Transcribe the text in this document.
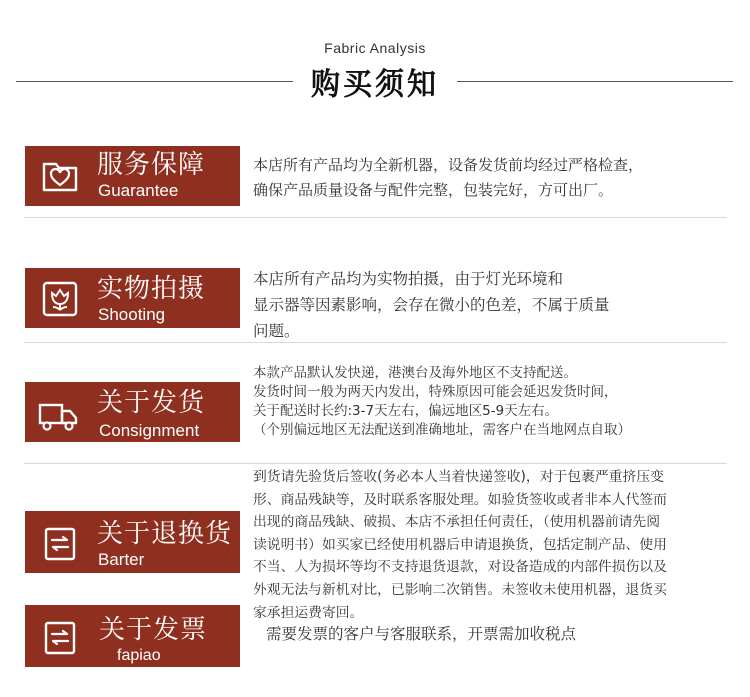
Fabric Analysis
购买须知
服务保障
Guarantee
本店所有产品均为全新机器，设备发货前均经过严格检查，
确保产品质量设备与配件完整，包装完好，方可出厂。
实物拍摄
Shooting
本店所有产品均为实物拍摄，由于灯光环境和
显示器等因素影响，会存在微小的色差，不属于质量
问题。
关于发货
Consignment
本款产品默认发快递，港澳台及海外地区不支持配送。
发货时间一般为两天内发出，特殊原因可能会延迟发货时间，
关于配送时长约:3-7天左右，偏远地区5-9天左右。
（个别偏远地区无法配送到准确地址，需客户在当地网点自取）
关于退换货
Barter
到货请先验货后签收(务必本人当着快递签收)，对于包裹严重挤压变
形、商品残缺等，及时联系客服处理。如验货签收或者非本人代签而
出现的商品残缺、破损、本店不承担任何责任，（使用机器前请先阅
读说明书）如买家已经使用机器后申请退换货，包括定制产品、使用
不当、人为损坏等均不支持退货退款，对设备造成的内部件损伤以及
外观无法与新机对比，已影响二次销售。未签收未使用机器，退货买
家承担运费寄回。
关于发票
fapiao
需要发票的客户与客服联系，开票需加收税点
